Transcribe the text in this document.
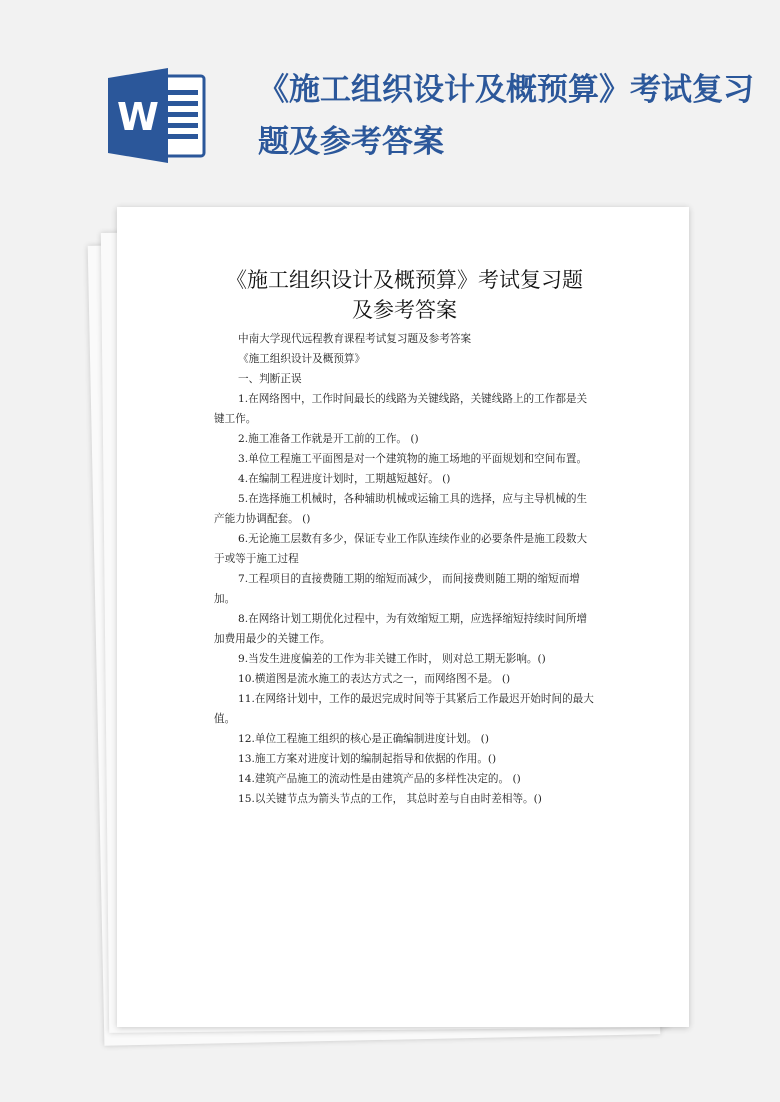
W
《施工组织设计及概预算》考试复习题及参考答案
《施工组织设计及概预算》考试复习题及参考答案

中南大学现代远程教育课程考试复习题及参考答案

《施工组织设计及概预算》

一、判断正误

1.在网络图中，工作时间最长的线路为关键线路，关键线路上的工作都是关键工作。

2.施工准备工作就是开工前的工作。 ()

3.单位工程施工平面图是对一个建筑物的施工场地的平面规划和空间布置。

4.在编制工程进度计划时，工期越短越好。 ()

5.在选择施工机械时，各种辅助机械或运输工具的选择，应与主导机械的生产能力协调配套。 ()

6.无论施工层数有多少，保证专业工作队连续作业的必要条件是施工段数大于或等于施工过程

7.工程项目的直接费随工期的缩短而减少， 而间接费则随工期的缩短而增加。

8.在网络计划工期优化过程中，为有效缩短工期，应选择缩短持续时间所增加费用最少的关键工作。

9.当发生进度偏差的工作为非关键工作时， 则对总工期无影响。()

10.横道图是流水施工的表达方式之一，而网络图不是。 ()

11.在网络计划中，工作的最迟完成时间等于其紧后工作最迟开始时间的最大值。

12.单位工程施工组织的核心是正确编制进度计划。 ()

13.施工方案对进度计划的编制起指导和依据的作用。()

14.建筑产品施工的流动性是由建筑产品的多样性决定的。 ()

15.以关键节点为箭头节点的工作， 其总时差与自由时差相等。()
